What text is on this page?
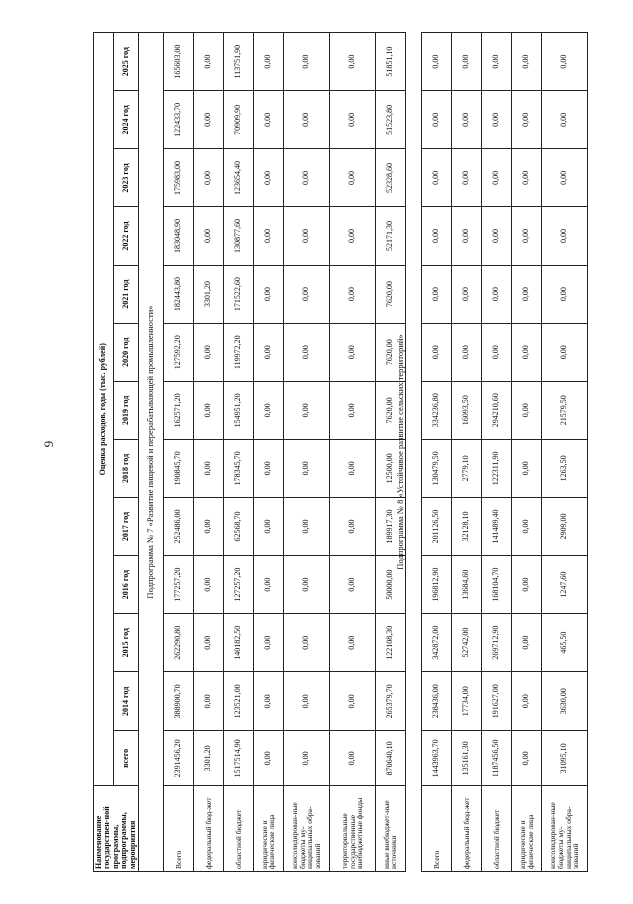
6
Наименование государствен-ной программы, подпрограммы, мероприятия	Оценка расходов, годы (тыс. рублей)												
	всего	2014 год	2015 год	2016 год	2017 год	2018 год	2019 год	2020 год	2021 год	2022 год	2023 год	2024 год	2025 год
Подпрограмма № 7 «Развитие пищевой и перерабатывающей промышленности»													
Всего	2391456,20	388900,70	262290,80	177257,20	252486,00	190845,70	162571,20	127592,20	182443,80	183048,90	175983,00	122433,70	165603,00
федеральный бюд-жет	3301,20	0,00	0,00	0,00	0,00	0,00	0,00	0,00	3301,20	0,00	0,00	0,00	0,00
областной бюджет	1517514,90	123521,00	140182,50	127257,20	62568,70	178345,70	154951,20	119972,20	171522,60	130877,60	123654,40	70909,90	113751,90
юридические и физические лица	0,00	0,00	0,00	0,00	0,00	0,00	0,00	0,00	0,00	0,00	0,00	0,00	0,00
консолидирован-ные бюджеты му-ниципальных обра-зований	0,00	0,00	0,00	0,00	0,00	0,00	0,00	0,00	0,00	0,00	0,00	0,00	0,00
территориальные государственные внебюджетные фонды	0,00	0,00	0,00	0,00	0,00	0,00	0,00	0,00	0,00	0,00	0,00	0,00	0,00
иные внебюджет-ные источники	870640,10	265379,70	122108,30	50000,00	189917,30	12500,00	7620,00	7620,00	7620,00	52171,30	52328,60	51523,80	51851,10
Всего	1443963,70	238436,00	342872,00	196812,90	201126,50	130479,50	334236,80	0,00	0,00	0,00	0,00	0,00	0,00
федеральный бюд-жет	135161,30	17734,00	52742,00	13684,60	32128,10	2779,10	16093,50	0,00	0,00	0,00	0,00	0,00	0,00
областной бюджет	1187456,50	191627,00	269712,90	168104,70	141489,40	122311,90	294210,60	0,00	0,00	0,00	0,00	0,00	0,00
юридические и физические лица	0,00	0,00	0,00	0,00	0,00	0,00	0,00	0,00	0,00	0,00	0,00	0,00	0,00
консолидирован-ные бюджеты му-ниципальных обра-зований	31095,10	3630,00	465,50	1247,60	2909,00	1263,50	21579,50	0,00	0,00	0,00	0,00	0,00	0,00
Подпрограмма № 8 «Устойчивое развитие сельских территорий»
